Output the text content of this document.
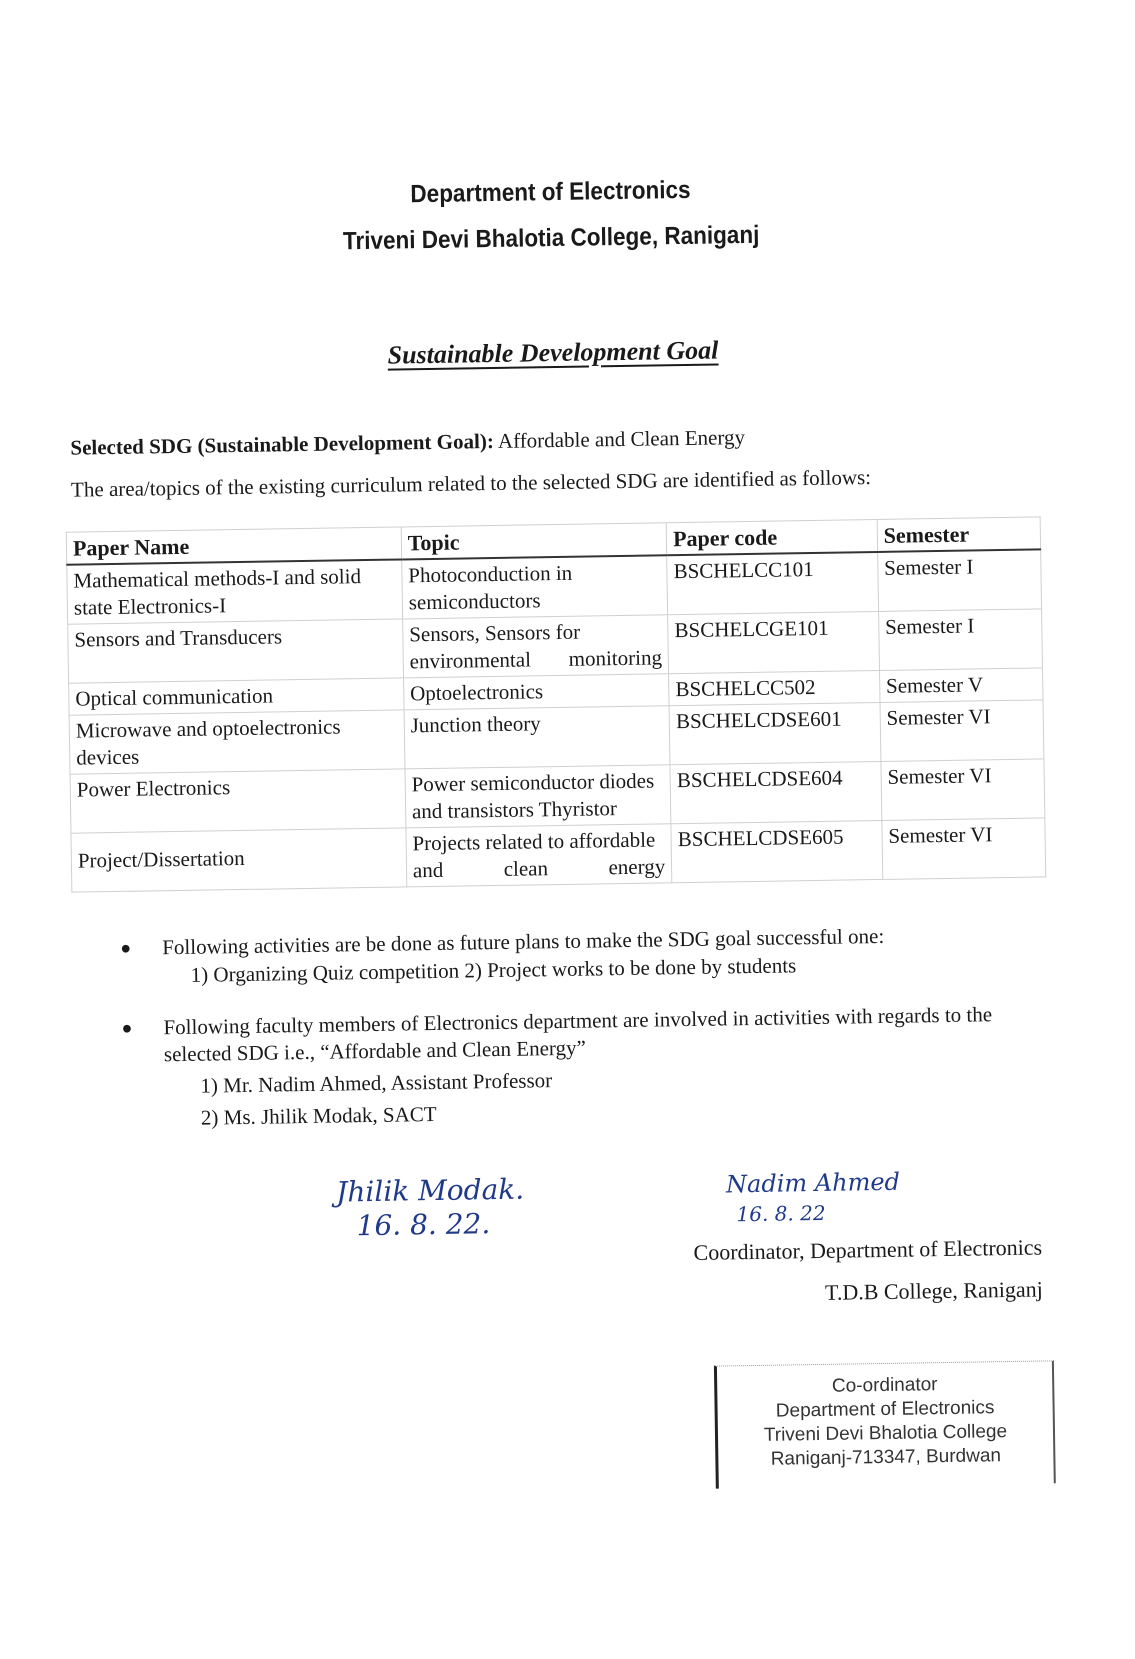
Department of Electronics
Triveni Devi Bhalotia College, Raniganj
Sustainable Development Goal
Selected SDG (Sustainable Development Goal): Affordable and Clean Energy
The area/topics of the existing curriculum related to the selected SDG are identified as follows:
Paper Name	Topic	Paper code	Semester
Mathematical methods-I and solid state Electronics-I	Photoconduction in semiconductors	BSCHELCC101	Semester I
Sensors and Transducers	Sensors, Sensors for environmental monitoring	BSCHELCGE101	Semester I
Optical communication	Optoelectronics	BSCHELCC502	Semester V
Microwave and optoelectronics devices	Junction theory	BSCHELCDSE601	Semester VI
Power Electronics	Power semiconductor diodes and transistors Thyristor	BSCHELCDSE604	Semester VI
Project/Dissertation	Projects related to affordable and clean energy	BSCHELCDSE605	Semester VI
● Following activities are be done as future plans to make the SDG goal successful one:
1) Organizing Quiz competition 2) Project works to be done by students
● Following faculty members of Electronics department are involved in activities with regards to the selected SDG i.e., “Affordable and Clean Energy”
1) Mr. Nadim Ahmed, Assistant Professor
2) Ms. Jhilik Modak, SACT
Jhilik Modak.
16. 8. 22.
Nadim Ahmed
16. 8. 22
Coordinator, Department of Electronics
T.D.B College, Raniganj
Co-ordinator
Department of Electronics
Triveni Devi Bhalotia College
Raniganj-713347, Burdwan
